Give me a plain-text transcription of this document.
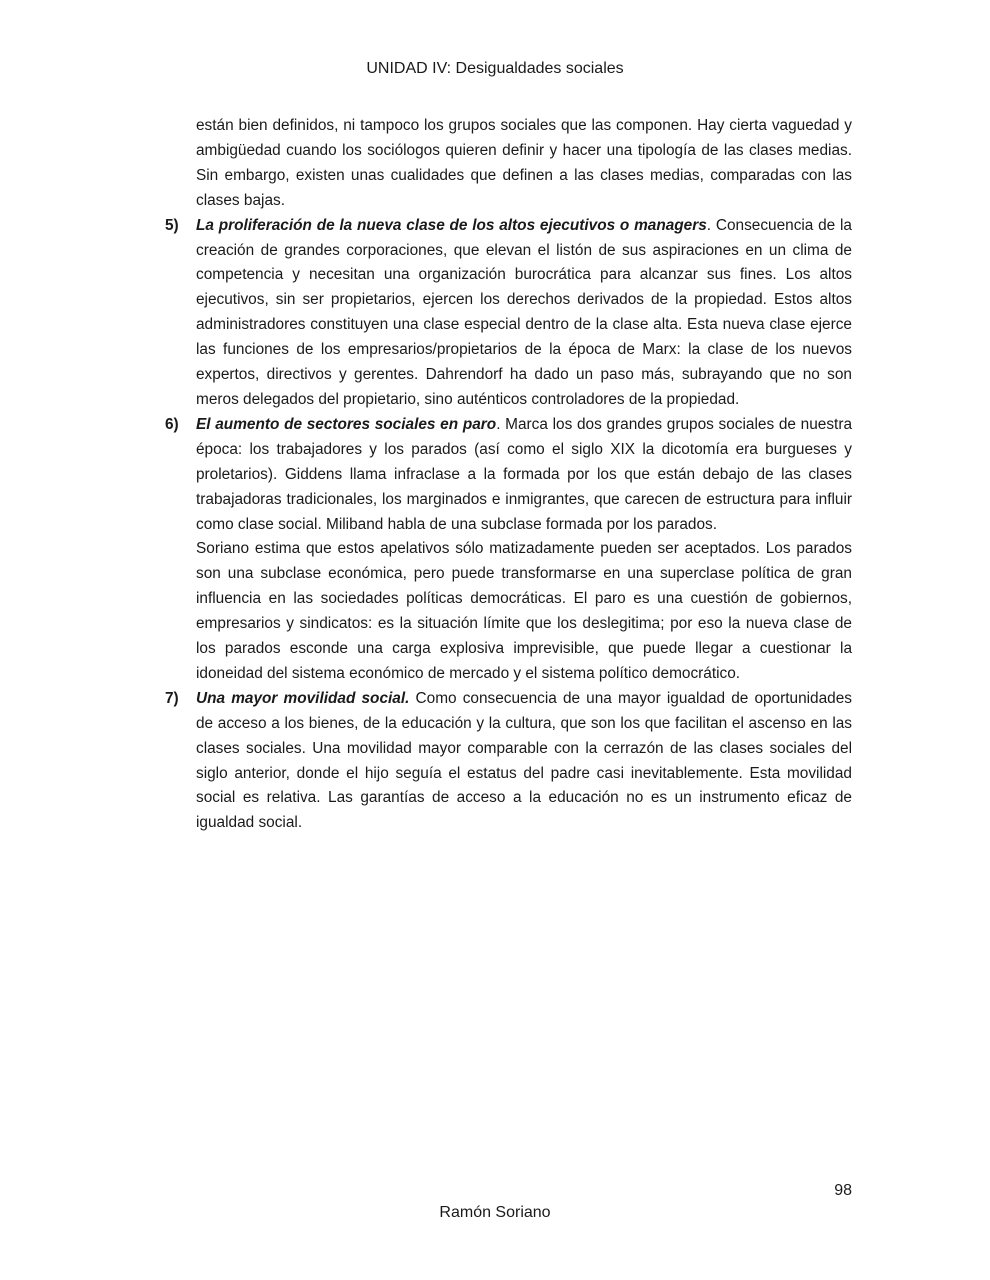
UNIDAD IV: Desigualdades sociales

están bien definidos, ni tampoco los grupos sociales que las componen. Hay cierta vaguedad y ambigüedad cuando los sociólogos quieren definir y hacer una tipología de las clases medias. Sin embargo, existen unas cualidades que definen a las clases medias, comparadas con las clases bajas.

5) La proliferación de la nueva clase de los altos ejecutivos o managers. Consecuencia de la creación de grandes corporaciones, que elevan el listón de sus aspiraciones en un clima de competencia y necesitan una organización burocrática para alcanzar sus fines. Los altos ejecutivos, sin ser propietarios, ejercen los derechos derivados de la propiedad. Estos altos administradores constituyen una clase especial dentro de la clase alta. Esta nueva clase ejerce las funciones de los empresarios/propietarios de la época de Marx: la clase de los nuevos expertos, directivos y gerentes. Dahrendorf ha dado un paso más, subrayando que no son meros delegados del propietario, sino auténticos controladores de la propiedad.
6) El aumento de sectores sociales en paro. Marca los dos grandes grupos sociales de nuestra época: los trabajadores y los parados (así como el siglo XIX la dicotomía era burgueses y proletarios). Giddens llama infraclase a la formada por los que están debajo de las clases trabajadoras tradicionales, los marginados e inmigrantes, que carecen de estructura para influir como clase social. Miliband habla de una subclase formada por los parados.
Soriano estima que estos apelativos sólo matizadamente pueden ser aceptados. Los parados son una subclase económica, pero puede transformarse en una superclase política de gran influencia en las sociedades políticas democráticas. El paro es una cuestión de gobiernos, empresarios y sindicatos: es la situación límite que los deslegitima; por eso la nueva clase de los parados esconde una carga explosiva imprevisible, que puede llegar a cuestionar la idoneidad del sistema económico de mercado y el sistema político democrático.
7) Una mayor movilidad social. Como consecuencia de una mayor igualdad de oportunidades de acceso a los bienes, de la educación y la cultura, que son los que facilitan el ascenso en las clases sociales. Una movilidad mayor comparable con la cerrazón de las clases sociales del siglo anterior, donde el hijo seguía el estatus del padre casi inevitablemente. Esta movilidad social es relativa. Las garantías de acceso a la educación no es un instrumento eficaz de igualdad social.
98
Ramón Soriano
